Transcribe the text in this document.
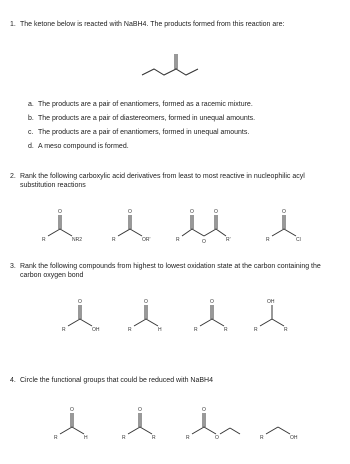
1. The ketone below is reacted with NaBH4. The products formed from this reaction are:
a. The products are a pair of enantiomers, formed as a racemic mixture.
b. The products are a pair of diastereomers, formed in unequal amounts.
c. The products are a pair of enantiomers, formed in unequal amounts.
d. A meso compound is formed.
2. Rank the following carboxylic acid derivatives from least to most reactive in nucleophilic acyl substitution reactions
O
R	NR2
O
R	OR'
O	O
R	O	R'
O
R	Cl
3. Rank the following compounds from highest to lowest oxidation state at the carbon containing the carbon oxygen bond
O
R	OH
O
R	H
O
R	R
OH
R	R
4. Circle the functional groups that could be reduced with NaBH4
O
R	H
O
R	R
O
R	O	R	OH
